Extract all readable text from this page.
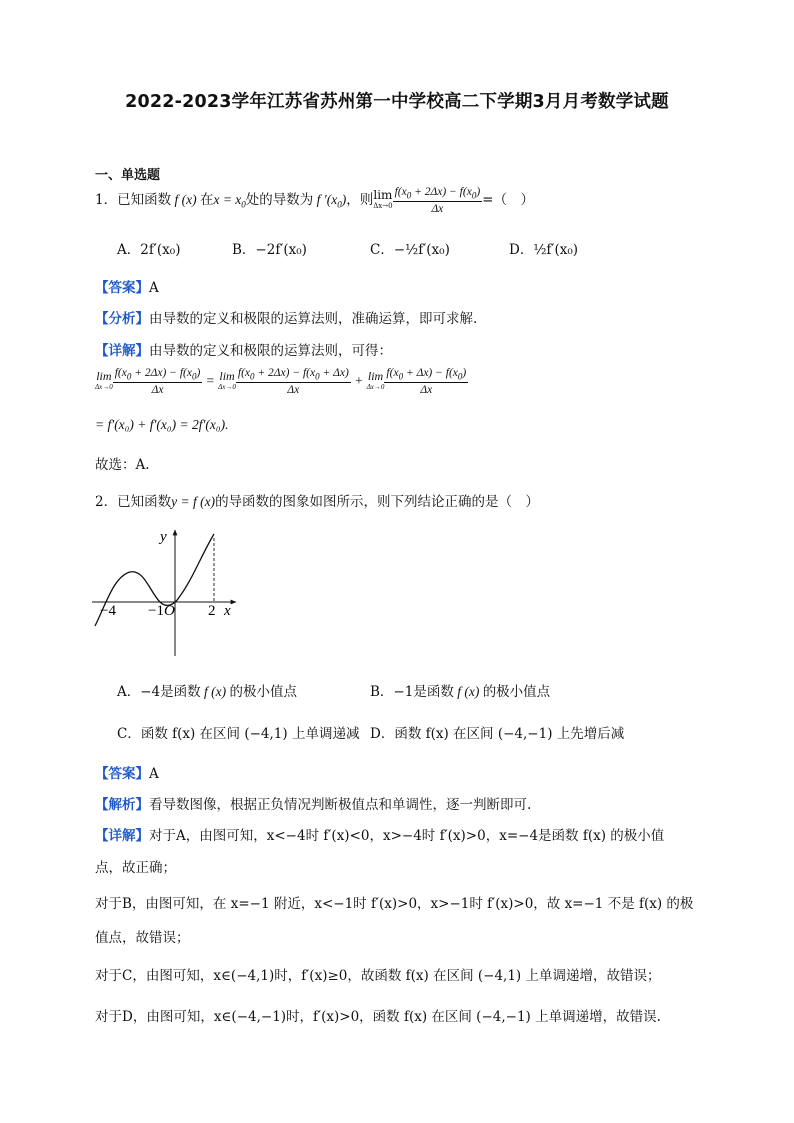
2022-2023学年江苏省苏州第一中学校高二下学期3月月考数学试题
一、单选题
1．已知函数 f (x) 在$x = x_0$处的导数为 f $'(x_0)$，则lim
$\Delta x\to 0 \frac{f(x_0 + 2\Delta x) - f(x_0)}{\Delta x}$ =（　）
A．2f′(x₀)	B．−2f′(x₀)	C．−½f′(x₀)	D．½f′(x₀)
【答案】A
【分析】由导数的定义和极限的运算法则，准确运算，即可求解.
【详解】由导数的定义和极限的运算法则，可得：
lim
$\Delta x\to 0 \frac{f(x_0 + 2\Delta x) - f(x_0)}{\Delta x} = \lim$
$\Delta x\to 0 \frac{f(x_0 + 2\Delta x) - f(x_0 + \Delta x)}{\Delta x} + \lim$
$\Delta x\to 0 \frac{f(x_0 + \Delta x) - f(x_0)}{\Delta x}$
= f′(x₀) + f′(x₀) = 2f′(x₀).
故选：A.
2．已知函数y = f (x)的导函数的图象如图所示，则下列结论正确的是（　）
y
x
−4 −1 O 2
A．−4是函数 f (x) 的极小值点	B．−1是函数 f (x) 的极小值点
C．函数 f(x) 在区间 (−4,1) 上单调递减 D．函数 f(x) 在区间 (−4,−1) 上先增后减
【答案】A
【解析】看导数图像，根据正负情况判断极值点和单调性，逐一判断即可.
【详解】对于A，由图可知，x<−4时 f′(x)<0，x>−4时 f′(x)>0，x=−4是函数 f(x) 的极小值
点，故正确；
对于B，由图可知，在 x=−1 附近，x<−1时 f′(x)>0，x>−1时 f′(x)>0，故 x=−1 不是 f(x) 的极
值点，故错误；
对于C，由图可知，x∈(−4,1)时，f′(x)≥0，故函数 f(x) 在区间 (−4,1) 上单调递增，故错误；
对于D，由图可知，x∈(−4,−1)时，f′(x)>0，函数 f(x) 在区间 (−4,−1) 上单调递增，故错误.
